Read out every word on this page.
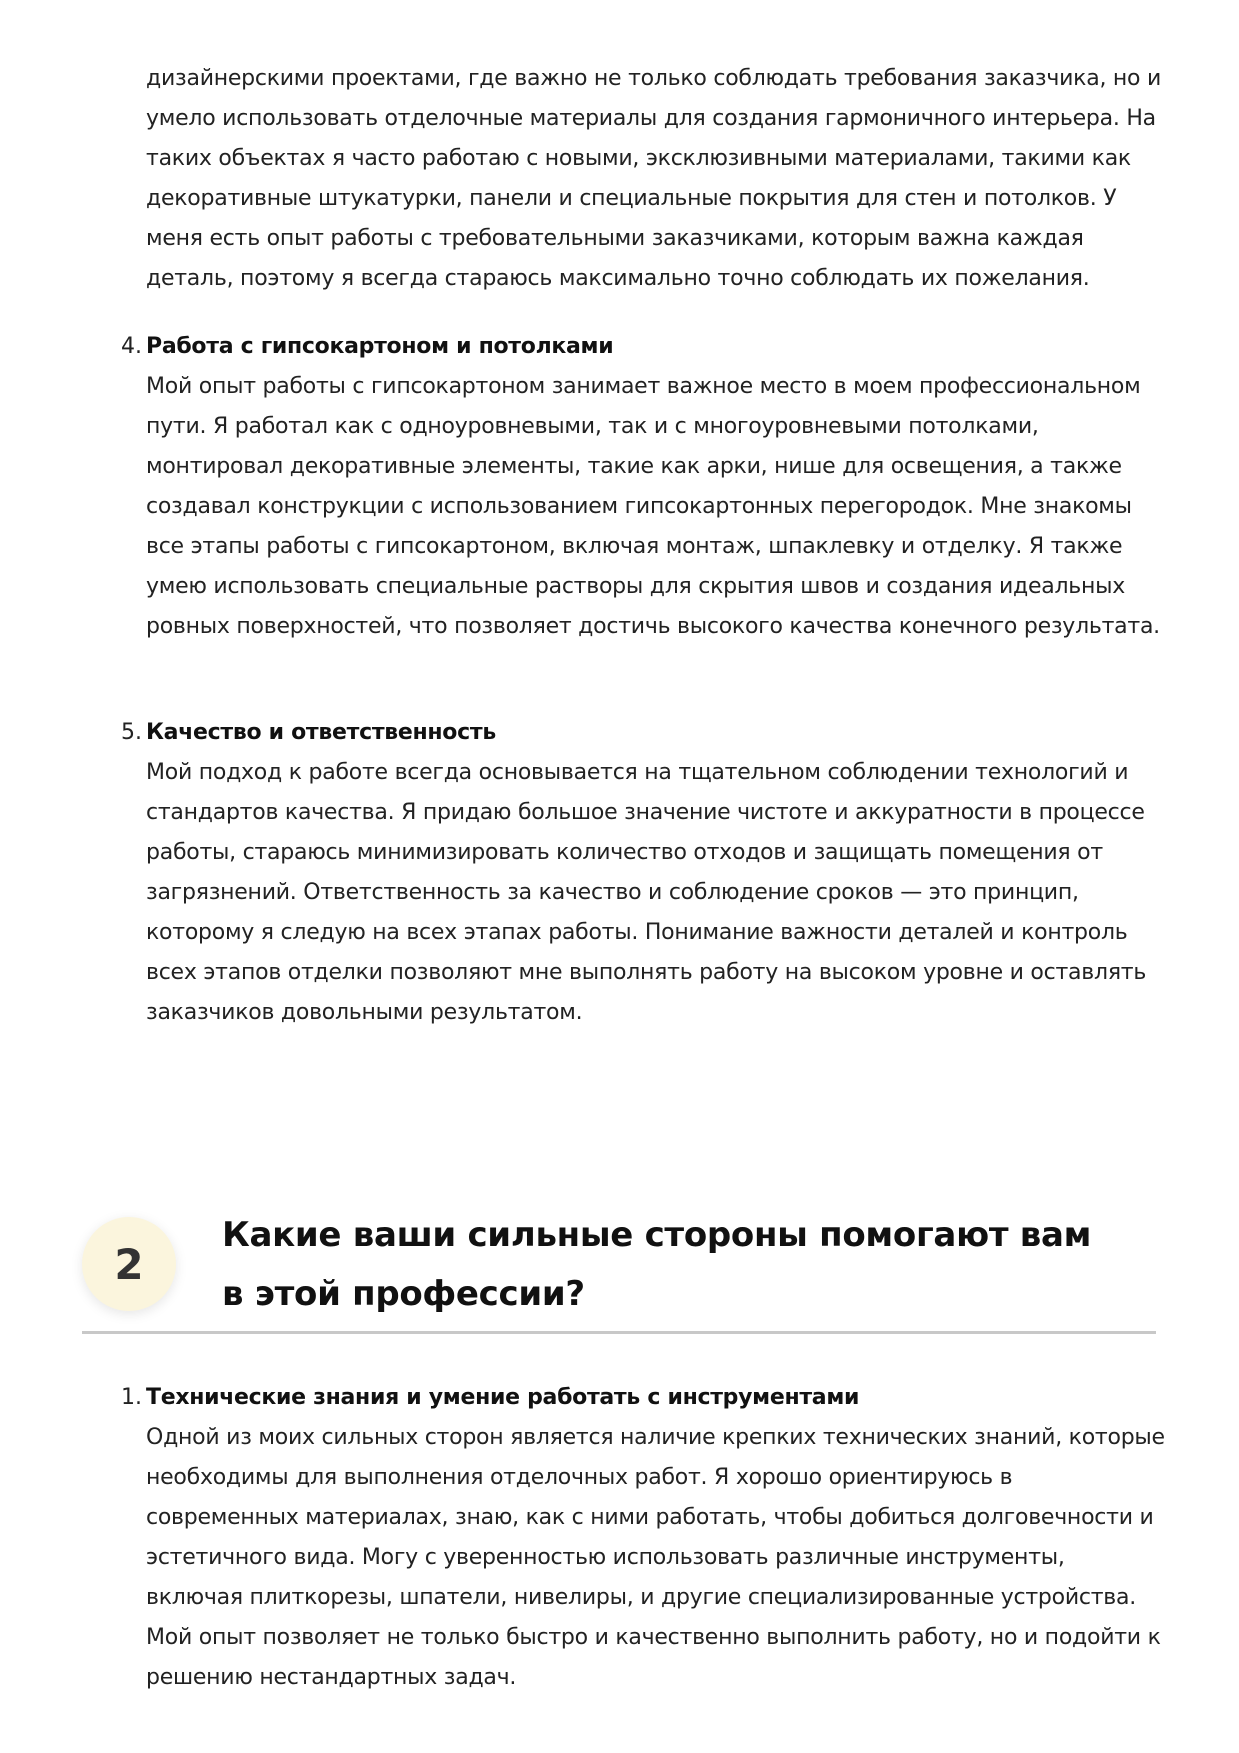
дизайнерскими проектами, где важно не только соблюдать требования заказчика, но и умело использовать отделочные материалы для создания гармоничного интерьера. На таких объектах я часто работаю с новыми, эксклюзивными материалами, такими как декоративные штукатурки, панели и специальные покрытия для стен и потолков. У меня есть опыт работы с требовательными заказчиками, которым важна каждая деталь, поэтому я всегда стараюсь максимально точно соблюдать их пожелания.

4. Работа с гипсокартоном и потолками

Мой опыт работы с гипсокартоном занимает важное место в моем профессиональном пути. Я работал как с одноуровневыми, так и с многоуровневыми потолками, монтировал декоративные элементы, такие как арки, нише для освещения, а также создавал конструкции с использованием гипсокартонных перегородок. Мне знакомы все этапы работы с гипсокартоном, включая монтаж, шпаклевку и отделку. Я также умею использовать специальные растворы для скрытия швов и создания идеальных ровных поверхностей, что позволяет достичь высокого качества конечного результата.

5. Качество и ответственность

Мой подход к работе всегда основывается на тщательном соблюдении технологий и стандартов качества. Я придаю большое значение чистоте и аккуратности в процессе работы, стараюсь минимизировать количество отходов и защищать помещения от загрязнений. Ответственность за качество и соблюдение сроков — это принцип, которому я следую на всех этапах работы. Понимание важности деталей и контроль всех этапов отделки позволяют мне выполнять работу на высоком уровне и оставлять заказчиков довольными результатом.

2
Какие ваши сильные стороны помогают вам в этой профессии?
1. Технические знания и умение работать с инструментами

Одной из моих сильных сторон является наличие крепких технических знаний, которые необходимы для выполнения отделочных работ. Я хорошо ориентируюсь в современных материалах, знаю, как с ними работать, чтобы добиться долговечности и эстетичного вида. Могу с уверенностью использовать различные инструменты, включая плиткорезы, шпатели, нивелиры, и другие специализированные устройства. Мой опыт позволяет не только быстро и качественно выполнить работу, но и подойти к решению нестандартных задач.
